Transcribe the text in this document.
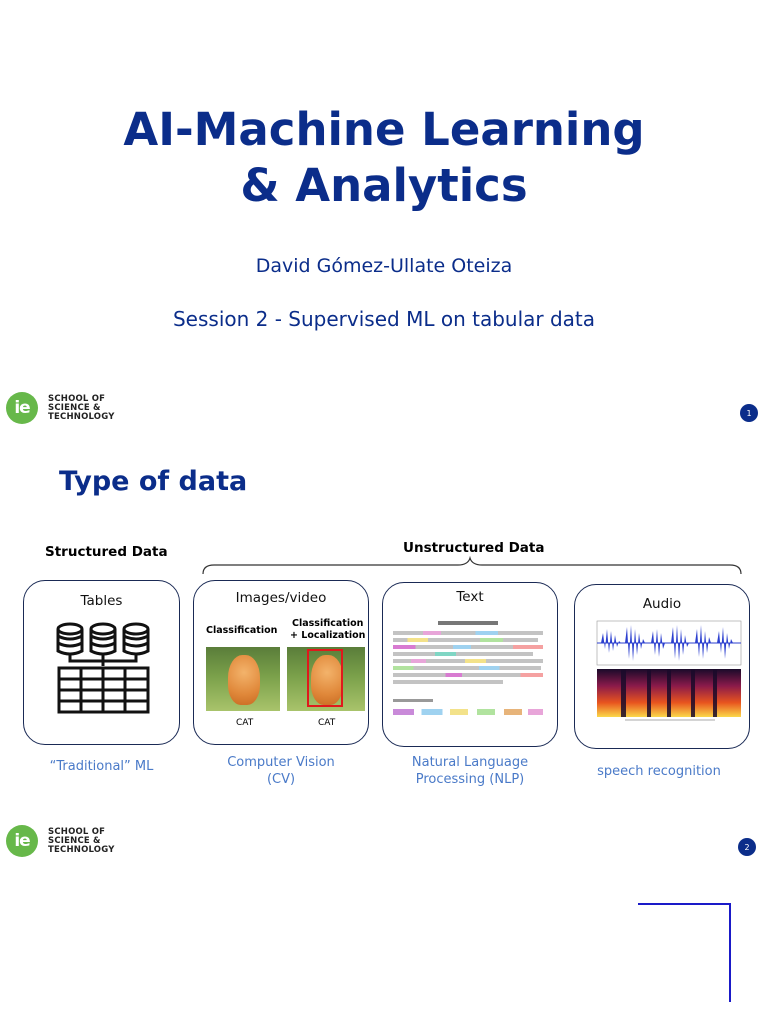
AI-Machine Learning
& Analytics
David Gómez-Ullate Oteiza
Session 2 - Supervised ML on tabular data
ie	SCHOOL OF
SCIENCE &
TECHNOLOGY	1
Type of data
Structured Data	Unstructured Data
Tables
“Traditional” ML
Images/video
Classification
Classification
+ Localization
CAT	CAT
Computer Vision
(CV)
Text
Natural Language
Processing (NLP)
Audio
speech recognition
ie	SCHOOL OF
SCIENCE &
TECHNOLOGY	2
